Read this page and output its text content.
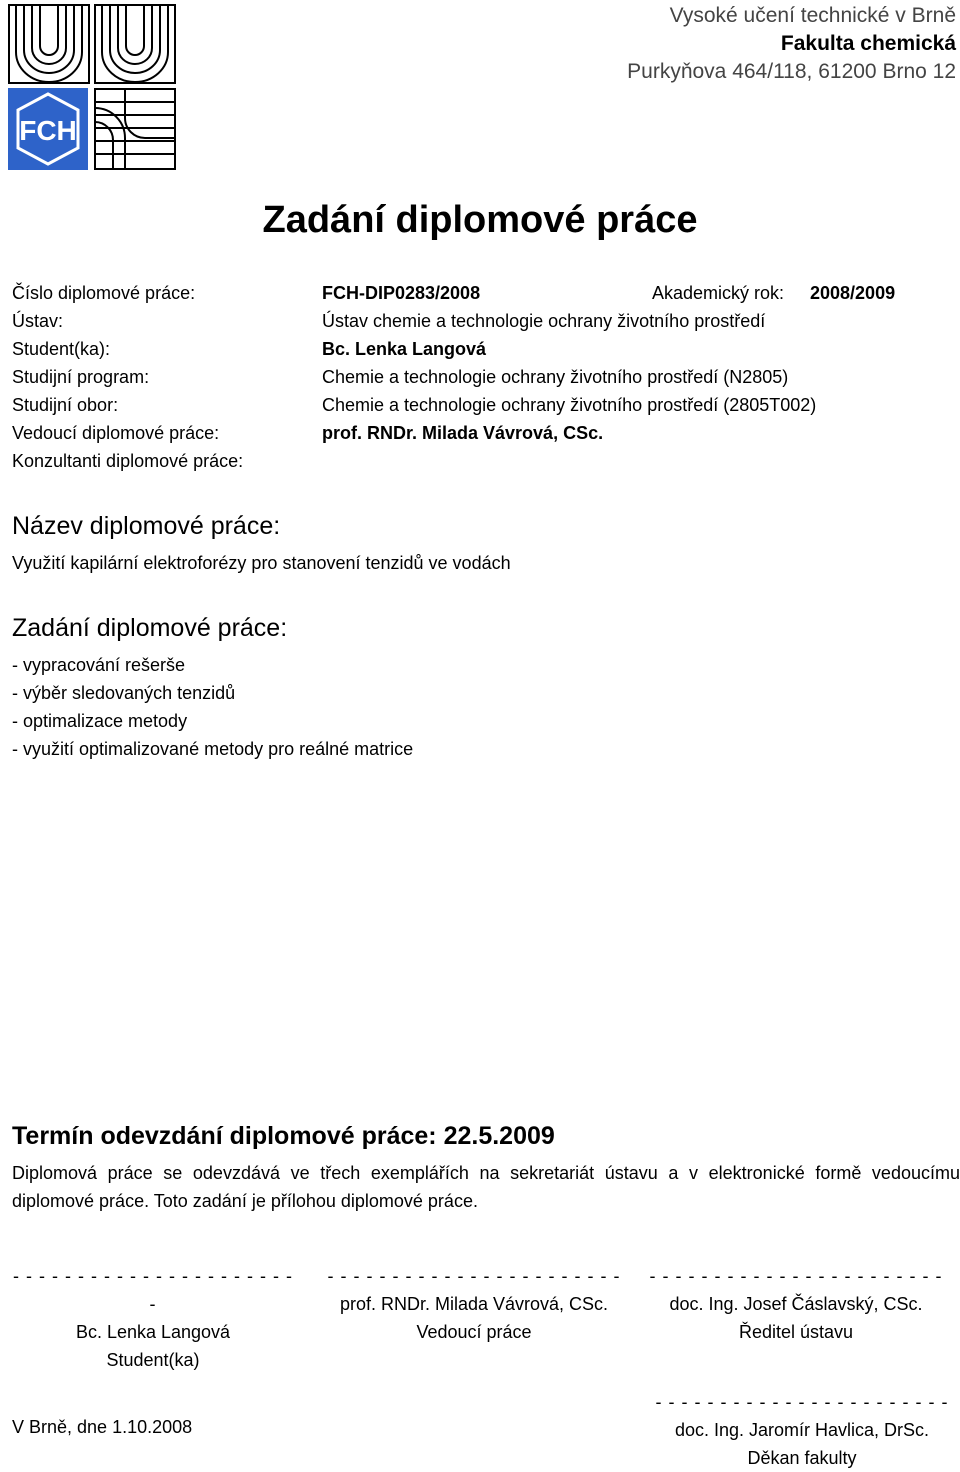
FCH
Vysoké učení technické v Brně
Fakulta chemická
Purkyňova 464/118, 61200 Brno 12
Zadání diplomové práce
Číslo diplomové práce:	FCH-DIP0283/2008	Akademický rok: 2008/2009
Ústav:	Ústav chemie a technologie ochrany životního prostředí
Student(ka):	Bc. Lenka Langová
Studijní program:	Chemie a technologie ochrany životního prostředí (N2805)
Studijní obor:	Chemie a technologie ochrany životního prostředí (2805T002)
Vedoucí diplomové práce:	prof. RNDr. Milada Vávrová, CSc.
Konzultanti diplomové práce:
Název diplomové práce:
Využití kapilární elektroforézy pro stanovení tenzidů ve vodách
Zadání diplomové práce:
- vypracování rešerše
- výběr sledovaných tenzidů
- optimalizace metody
- využití optimalizované metody pro reálné matrice
Termín odevzdání diplomové práce: 22.5.2009
Diplomová práce se odevzdává ve třech exemplářích na sekretariát ústavu a v elektronické formě vedoucímu diplomové práce. Toto zadání je přílohou diplomové práce.
- - - - - - - - - - - - - - - - - - - - - - -
Bc. Lenka Langová
Student(ka)
- - - - - - - - - - - - - - - - - - - - - - -
prof. RNDr. Milada Vávrová, CSc.
Vedoucí práce
- - - - - - - - - - - - - - - - - - - - - - -
doc. Ing. Josef Čáslavský, CSc.
Ředitel ústavu
V Brně, dne 1.10.2008
- - - - - - - - - - - - - - - - - - - - - - -
doc. Ing. Jaromír Havlica, DrSc.
Děkan fakulty
